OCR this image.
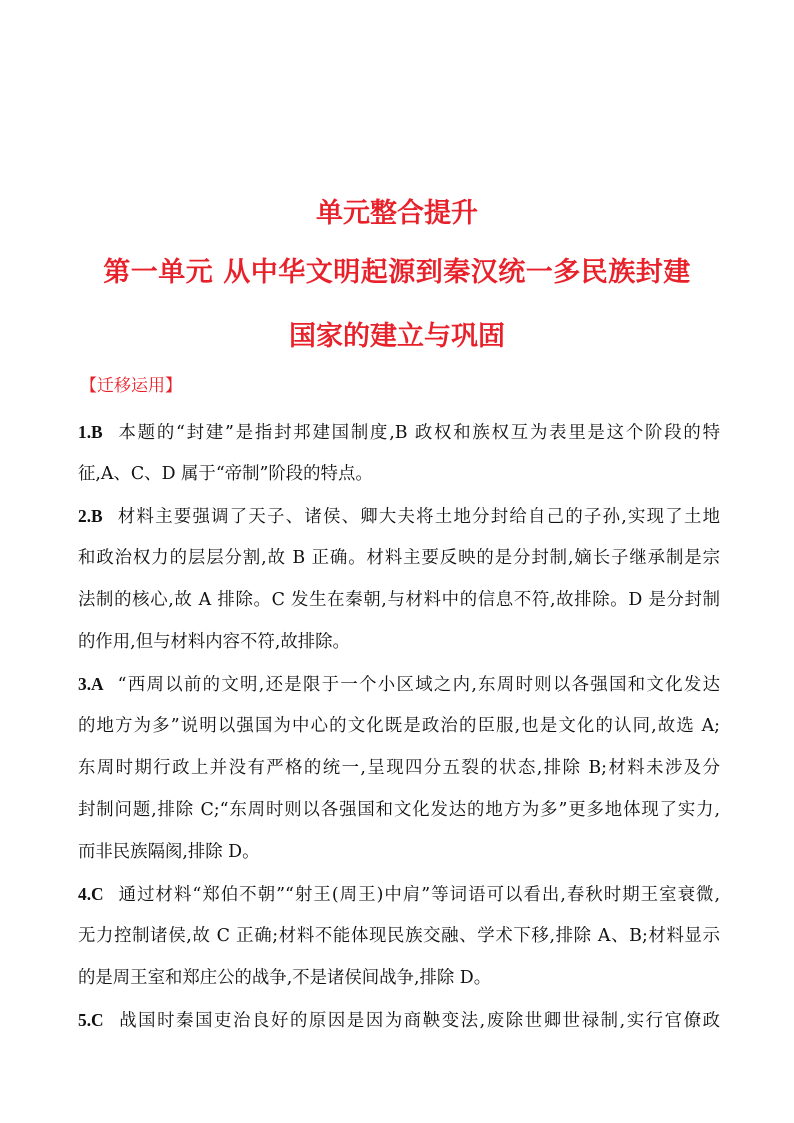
单元整合提升
第一单元 从中华文明起源到秦汉统一多民族封建
国家的建立与巩固
【迁移运用】
1.B 本题的“封建”是指封邦建国制度,B 政权和族权互为表里是这个阶段的特
征,A、C、D 属于“帝制”阶段的特点。
2.B 材料主要强调了天子、诸侯、卿大夫将土地分封给自己的子孙,实现了土地
和政治权力的层层分割,故 B 正确。材料主要反映的是分封制,嫡长子继承制是宗
法制的核心,故 A 排除。C 发生在秦朝,与材料中的信息不符,故排除。D 是分封制
的作用,但与材料内容不符,故排除。
3.A “西周以前的文明,还是限于一个小区域之内,东周时则以各强国和文化发达
的地方为多”说明以强国为中心的文化既是政治的臣服,也是文化的认同,故选 A;
东周时期行政上并没有严格的统一,呈现四分五裂的状态,排除 B;材料未涉及分
封制问题,排除 C;“东周时则以各强国和文化发达的地方为多”更多地体现了实力,
而非民族隔阂,排除 D。
4.C 通过材料“郑伯不朝”“射王(周王)中肩”等词语可以看出,春秋时期王室衰微,
无力控制诸侯,故 C 正确;材料不能体现民族交融、学术下移,排除 A、B;材料显示
的是周王室和郑庄公的战争,不是诸侯间战争,排除 D。
5.C 战国时秦国吏治良好的原因是因为商鞅变法,废除世卿世禄制,实行官僚政
